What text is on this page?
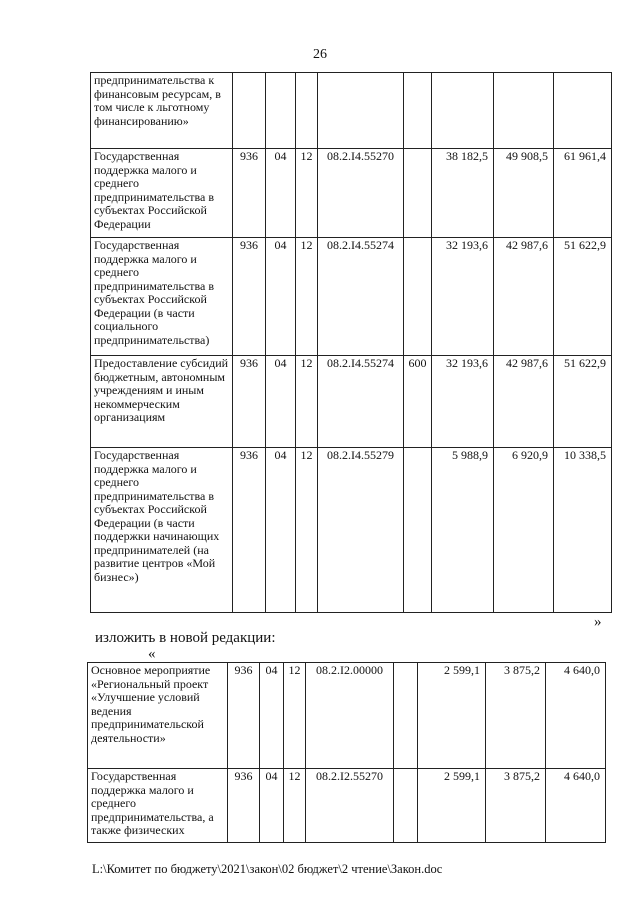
26
предпринимательства к финансовым ресурсам, в том числе к льготному финансированию»								
Государственная поддержка малого и среднего предпринимательства в субъектах Российской Федерации	936	04	12	08.2.I4.55270		38 182,5	49 908,5	61 961,4
Государственная поддержка малого и среднего предпринимательства в субъектах Российской Федерации (в части социального предпринимательства)	936	04	12	08.2.I4.55274		32 193,6	42 987,6	51 622,9
Предоставление субсидий бюджетным, автономным учреждениям и иным некоммерческим организациям	936	04	12	08.2.I4.55274	600	32 193,6	42 987,6	51 622,9
Государственная поддержка малого и среднего предпринимательства в субъектах Российской Федерации (в части поддержки начинающих предпринимателей (на развитие центров «Мой бизнес»)	936	04	12	08.2.I4.55279		5 988,9	6 920,9	10 338,5
»
изложить в новой редакции:
«
Основное мероприятие «Региональный проект «Улучшение условий ведения предпринимательской деятельности»	936	04	12	08.2.I2.00000		2 599,1	3 875,2	4 640,0
Государственная поддержка малого и среднего предпринимательства, а также физических	936	04	12	08.2.I2.55270		2 599,1	3 875,2	4 640,0
L:\Комитет по бюджету\2021\закон\02 бюджет\2 чтение\Закон.doc
